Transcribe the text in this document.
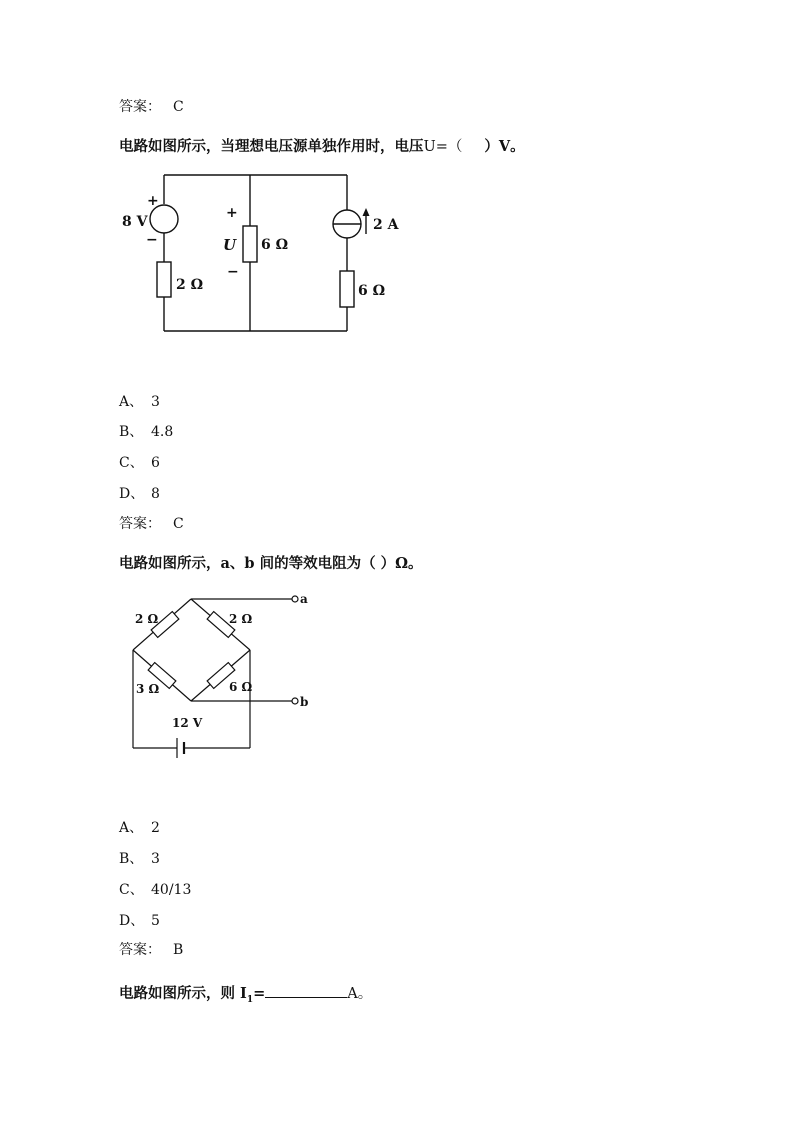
答案： C
电路如图所示，当理想电压源单独作用时，电压U=（ ）V。
+
8 V
−
2 Ω
+
U
−
6 Ω
2 A
6 Ω
A、 3
B、 4.8
C、 6
D、 8
答案： C
电路如图所示，a、b 间的等效电阻为（ ）Ω。
2 Ω	2 Ω
3 Ω	6 Ω
a
b
12 V
A、 2
B、 3
C、 40/13
D、 5
答案： B
电路如图所示，则 $I_1=$	A。
